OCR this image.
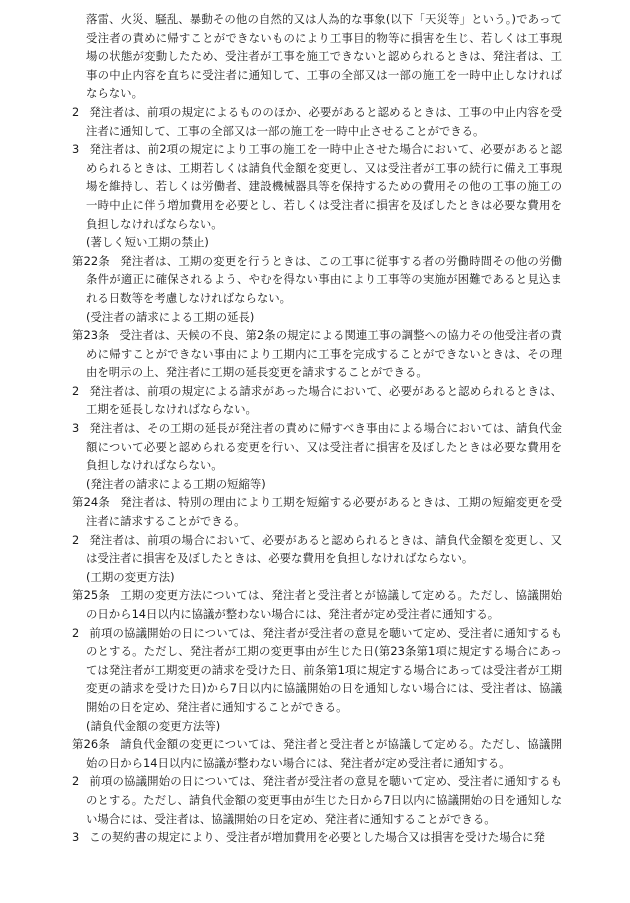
落雷、火災、騒乱、暴動その他の自然的又は人為的な事象(以下「天災等」という。)であって受注者の責めに帰すことができないものにより工事目的物等に損害を生じ、若しくは工事現場の状態が変動したため、受注者が工事を施工できないと認められるときは、発注者は、工事の中止内容を直ちに受注者に通知して、工事の全部又は一部の施工を一時中止しなければならない。

2 発注者は、前項の規定によるもののほか、必要があると認めるときは、工事の中止内容を受注者に通知して、工事の全部又は一部の施工を一時中止させることができる。

3 発注者は、前2項の規定により工事の施工を一時中止させた場合において、必要があると認められるときは、工期若しくは請負代金額を変更し、又は受注者が工事の続行に備え工事現場を維持し、若しくは労働者、建設機械器具等を保持するための費用その他の工事の施工の一時中止に伴う増加費用を必要とし、若しくは受注者に損害を及ぼしたときは必要な費用を負担しなければならない。

(著しく短い工期の禁止)

第22条 発注者は、工期の変更を行うときは、この工事に従事する者の労働時間その他の労働条件が適正に確保されるよう、やむを得ない事由により工事等の実施が困難であると見込まれる日数等を考慮しなければならない。

(受注者の請求による工期の延長)

第23条 受注者は、天候の不良、第2条の規定による関連工事の調整への協力その他受注者の責めに帰すことができない事由により工期内に工事を完成することができないときは、その理由を明示の上、発注者に工期の延長変更を請求することができる。

2 発注者は、前項の規定による請求があった場合において、必要があると認められるときは、工期を延長しなければならない。

3 発注者は、その工期の延長が発注者の責めに帰すべき事由による場合においては、請負代金額について必要と認められる変更を行い、又は受注者に損害を及ぼしたときは必要な費用を負担しなければならない。

(発注者の請求による工期の短縮等)

第24条 発注者は、特別の理由により工期を短縮する必要があるときは、工期の短縮変更を受注者に請求することができる。

2 発注者は、前項の場合において、必要があると認められるときは、請負代金額を変更し、又は受注者に損害を及ぼしたときは、必要な費用を負担しなければならない。

(工期の変更方法)

第25条 工期の変更方法については、発注者と受注者とが協議して定める。ただし、協議開始の日から14日以内に協議が整わない場合には、発注者が定め受注者に通知する。

2 前項の協議開始の日については、発注者が受注者の意見を聴いて定め、受注者に通知するものとする。ただし、発注者が工期の変更事由が生じた日(第23条第1項に規定する場合にあっては発注者が工期変更の請求を受けた日、前条第1項に規定する場合にあっては受注者が工期変更の請求を受けた日)から7日以内に協議開始の日を通知しない場合には、受注者は、協議開始の日を定め、発注者に通知することができる。

(請負代金額の変更方法等)

第26条 請負代金額の変更については、発注者と受注者とが協議して定める。ただし、協議開始の日から14日以内に協議が整わない場合には、発注者が定め受注者に通知する。

2 前項の協議開始の日については、発注者が受注者の意見を聴いて定め、受注者に通知するものとする。ただし、請負代金額の変更事由が生じた日から7日以内に協議開始の日を通知しない場合には、受注者は、協議開始の日を定め、発注者に通知することができる。

3 この契約書の規定により、受注者が増加費用を必要とした場合又は損害を受けた場合に発
